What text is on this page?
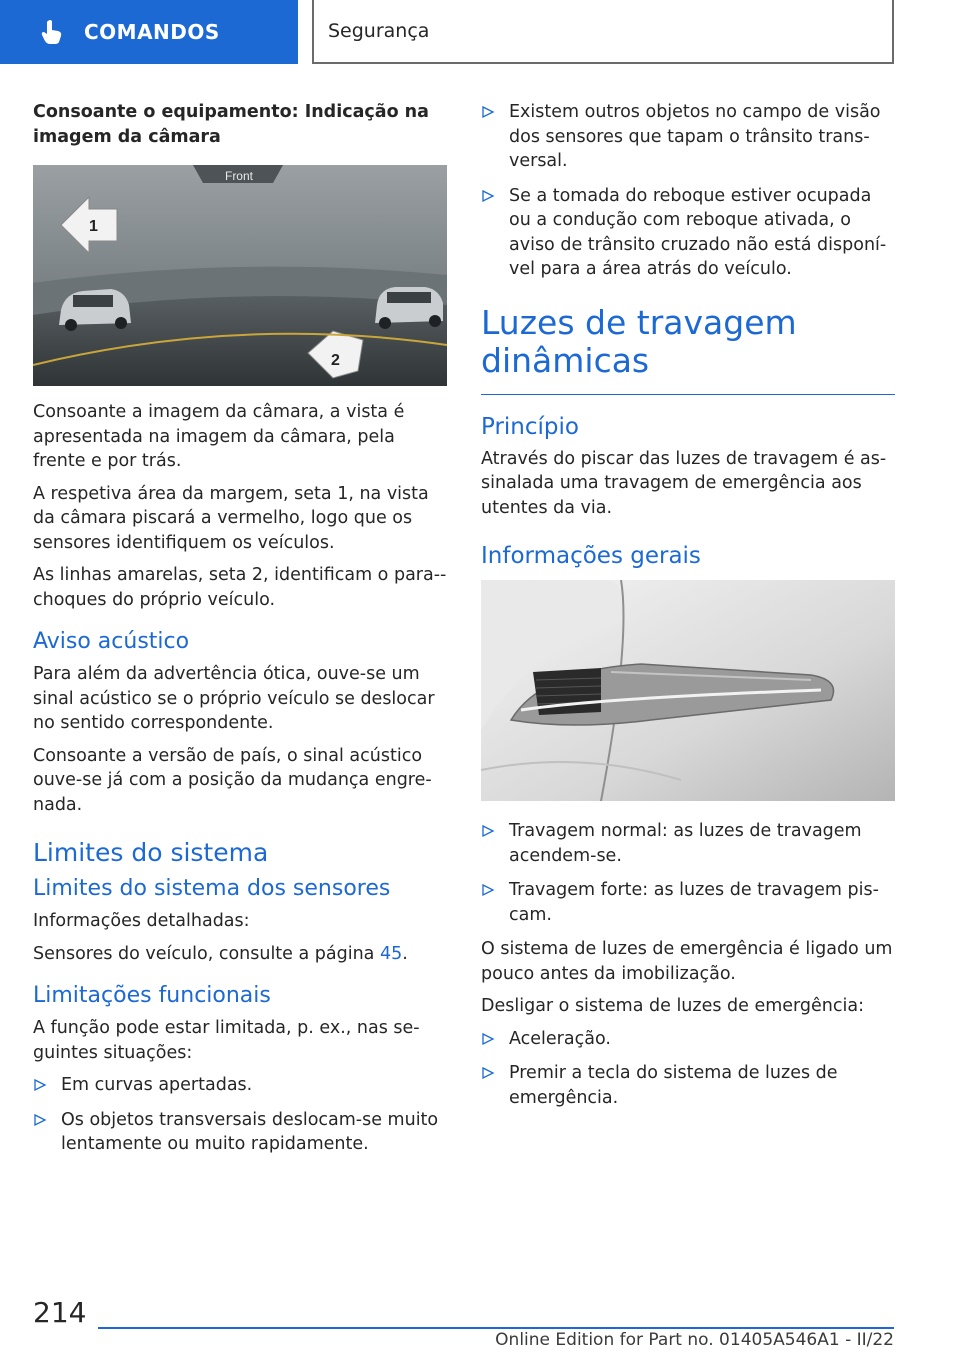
COMANDOS	Segurança
Consoante o equipamento: Indicação na imagem da câmara
Front
1
2

Consoante a imagem da câmara, a vista é apresentada na imagem da câmara, pela frente e por trás.

A respetiva área da margem, seta 1, na vista da câmara piscará a vermelho, logo que os sensores identifiquem os veículos.

As linhas amarelas, seta 2, identificam o para--choques do próprio veículo.

Aviso acústico

Para além da advertência ótica, ouve-se um sinal acústico se o próprio veículo se deslocar no sentido correspondente.

Consoante a versão de país, o sinal acústico ouve-se já com a posição da mudança engre-nada.

Limites do sistema
Limites do sistema dos sensores

Informações detalhadas:

Sensores do veículo, consulte a página 45.

Limitações funcionais

A função pode estar limitada, p. ex., nas se-guintes situações:

Em curvas apertadas.
Os objetos transversais deslocam-se muito lentamente ou muito rapidamente.
Existem outros objetos no campo de visão dos sensores que tapam o trânsito trans-versal.
Se a tomada do reboque estiver ocupada ou a condução com reboque ativada, o aviso de trânsito cruzado não está disponí-vel para a área atrás do veículo.
Luzes de travagem dinâmicas
Princípio

Através do piscar das luzes de travagem é as-sinalada uma travagem de emergência aos utentes da via.

Informações gerais
Travagem normal: as luzes de travagem acendem-se.
Travagem forte: as luzes de travagem pis-cam.

O sistema de luzes de emergência é ligado um pouco antes da imobilização.

Desligar o sistema de luzes de emergência:

Aceleração.
Premir a tecla do sistema de luzes de emergência.
214
Online Edition for Part no. 01405A546A1 - II/22
